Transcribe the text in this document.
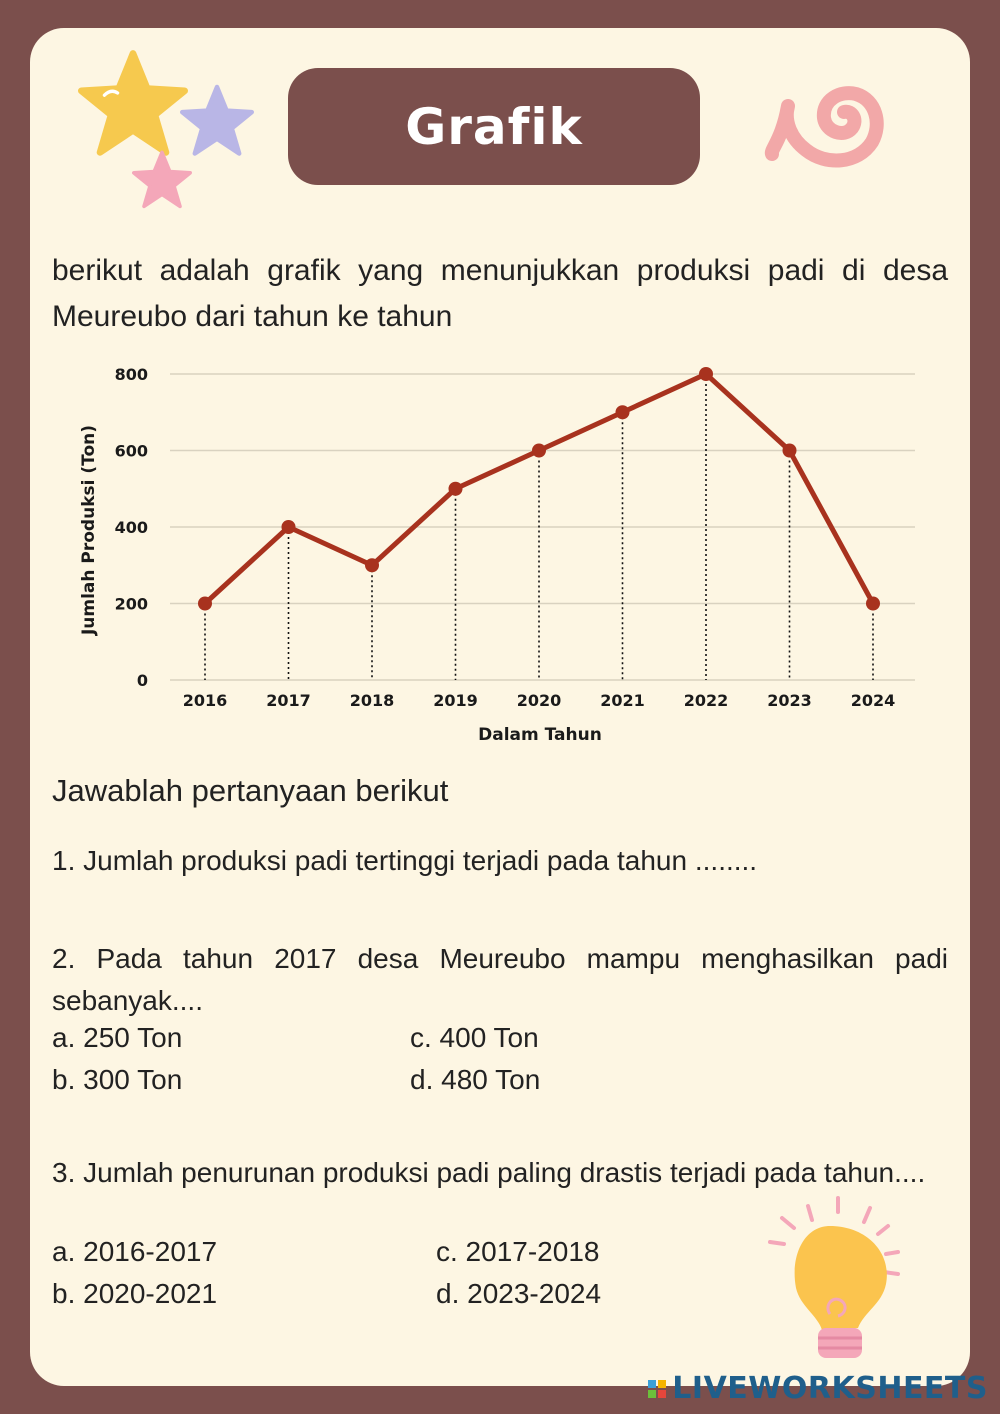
Grafik

berikut adalah grafik yang menunjukkan produksi padi di desa Meureubo dari tahun ke tahun

0
200
400
600
800
2016 2017 2018 2019 2020 2021 2022 2023 2024
Dalam Tahun
Jumlah Produksi (Ton)
Jawablah pertanyaan berikut
1. Jumlah produksi padi tertinggi terjadi pada tahun ........
2. Pada tahun 2017 desa Meureubo mampu menghasilkan padi sebanyak....
a. 250 Ton	c. 400 Ton
b. 300 Ton	d. 480 Ton
3. Jumlah penurunan produksi padi paling drastis terjadi pada tahun....
a. 2016-2017	c. 2017-2018
b. 2020-2021	d. 2023-2024
LIVEWORKSHEETS
